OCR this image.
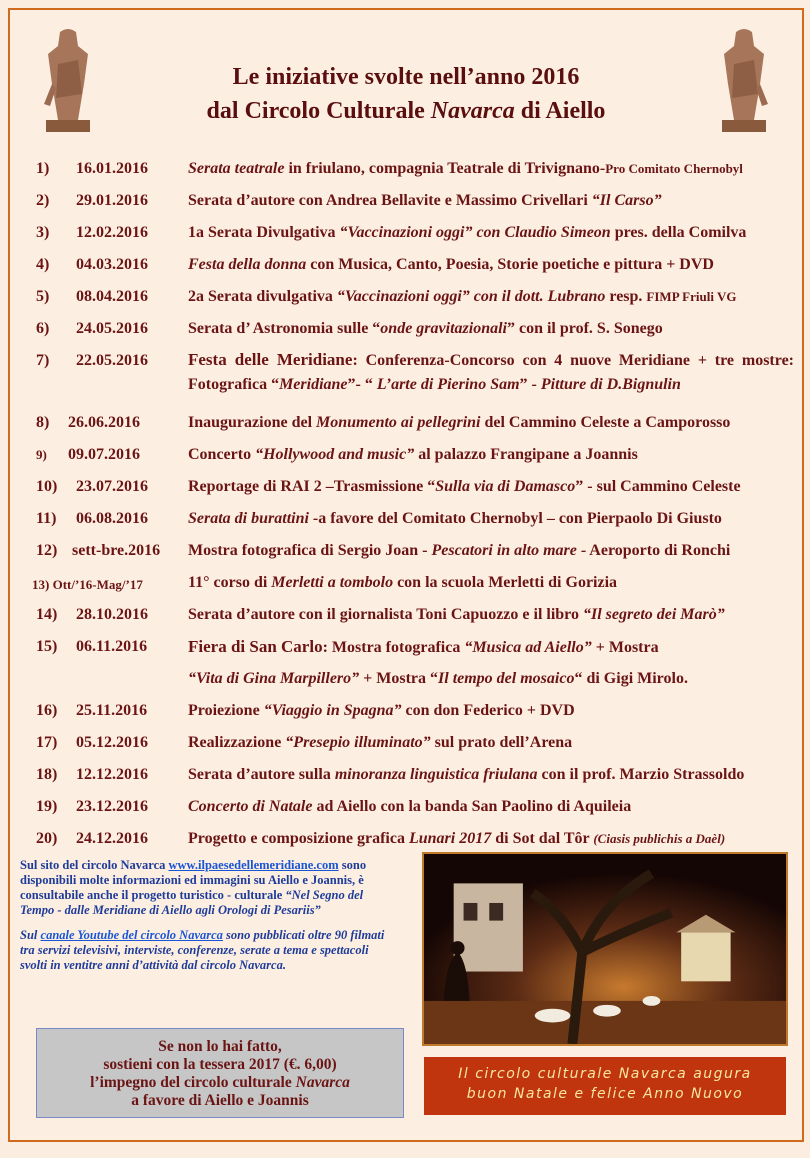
Le iniziative svolte nell’anno 2016
dal Circolo Culturale Navarca di Aiello
1)	16.01.2016	Serata teatrale in friulano, compagnia Teatrale di Trivignano-Pro Comitato Chernobyl
2)	29.01.2016	Serata d’autore con Andrea Bellavite e Massimo Crivellari “Il Carso”
3)	12.02.2016	1a Serata Divulgativa “Vaccinazioni oggi” con Claudio Simeon pres. della Comilva
4)	04.03.2016	Festa della donna con Musica, Canto, Poesia, Storie poetiche e pittura + DVD
5)	08.04.2016	2a Serata divulgativa “Vaccinazioni oggi” con il dott. Lubrano resp. FIMP Friuli VG
6)	24.05.2016	Serata d’ Astronomia sulle “onde gravitazionali” con il prof. S. Sonego
7)	22.05.2016 Festa delle Meridiane: Conferenza-Concorso con 4 nuove Meridiane + tre mostre: Fotografica “Meridiane”- “ L’arte di Pierino Sam” - Pitture di D.Bignulin
8)	26.06.2016	Inaugurazione del Monumento ai pellegrini del Cammino Celeste a Camporosso
9)	09.07.2016	Concerto “Hollywood and music” al palazzo Frangipane a Joannis
10)	23.07.2016	Reportage di RAI 2 –Trasmissione “Sulla via di Damasco” - sul Cammino Celeste
11)	06.08.2016	Serata di burattini -a favore del Comitato Chernobyl – con Pierpaolo Di Giusto
12) sett-bre.2016 Mostra fotografica di Sergio Joan - Pescatori in alto mare - Aeroporto di Ronchi
13) Ott/’16-Mag/’17	11° corso di Merletti a tombolo con la scuola Merletti di Gorizia
14)	28.10.2016	Serata d’autore con il giornalista Toni Capuozzo e il libro “Il segreto dei Marò”
15)	06.11.2016 Fiera di San Carlo: Mostra fotografica “Musica ad Aiello” + Mostra
“Vita di Gina Marpillero” + Mostra “Il tempo del mosaico“ di Gigi Mirolo.
16)	25.11.2016	Proiezione “Viaggio in Spagna” con don Federico + DVD
17)	05.12.2016	Realizzazione “Presepio illuminato” sul prato dell’Arena
18)	12.12.2016	Serata d’autore sulla minoranza linguistica friulana con il prof. Marzio Strassoldo
19)	23.12.2016	Concerto di Natale ad Aiello con la banda San Paolino di Aquileia
20)	24.12.2016	Progetto e composizione grafica Lunari 2017 di Sot dal Tôr (Ciasis publichis a Daèl)

Sul sito del circolo Navarca www.ilpaesedellemeridiane.com sono disponibili molte informazioni ed immagini su Aiello e Joannis, è consultabile anche il progetto turistico - culturale “Nel Segno del Tempo - dalle Meridiane di Aiello agli Orologi di Pesariis”

Sul canale Youtube del circolo Navarca sono pubblicati oltre 90 filmati tra servizi televisivi, interviste, conferenze, serate a tema e spettacoli svolti in ventitre anni d’attività dal circolo Navarca.

Se non lo hai fatto,
sostieni con la tessera 2017 (€. 6,00)
l’impegno del circolo culturale Navarca
a favore di Aiello e Joannis
Il circolo culturale Navarca augura
buon Natale e felice Anno Nuovo
